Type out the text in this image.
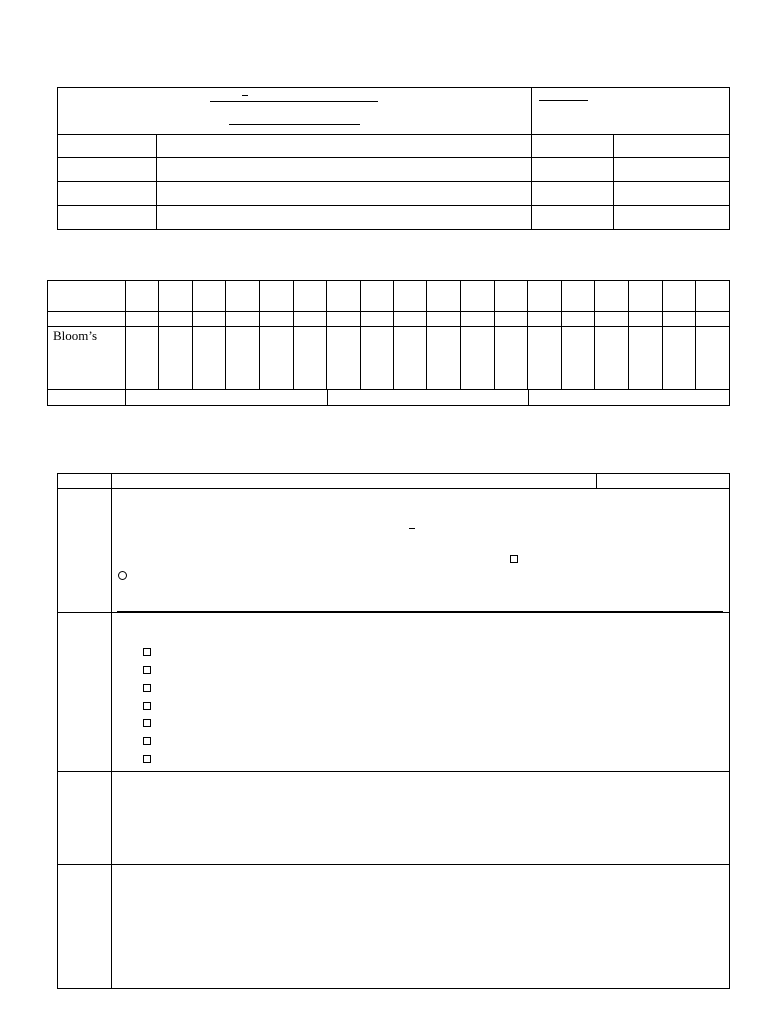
Bloom’s
